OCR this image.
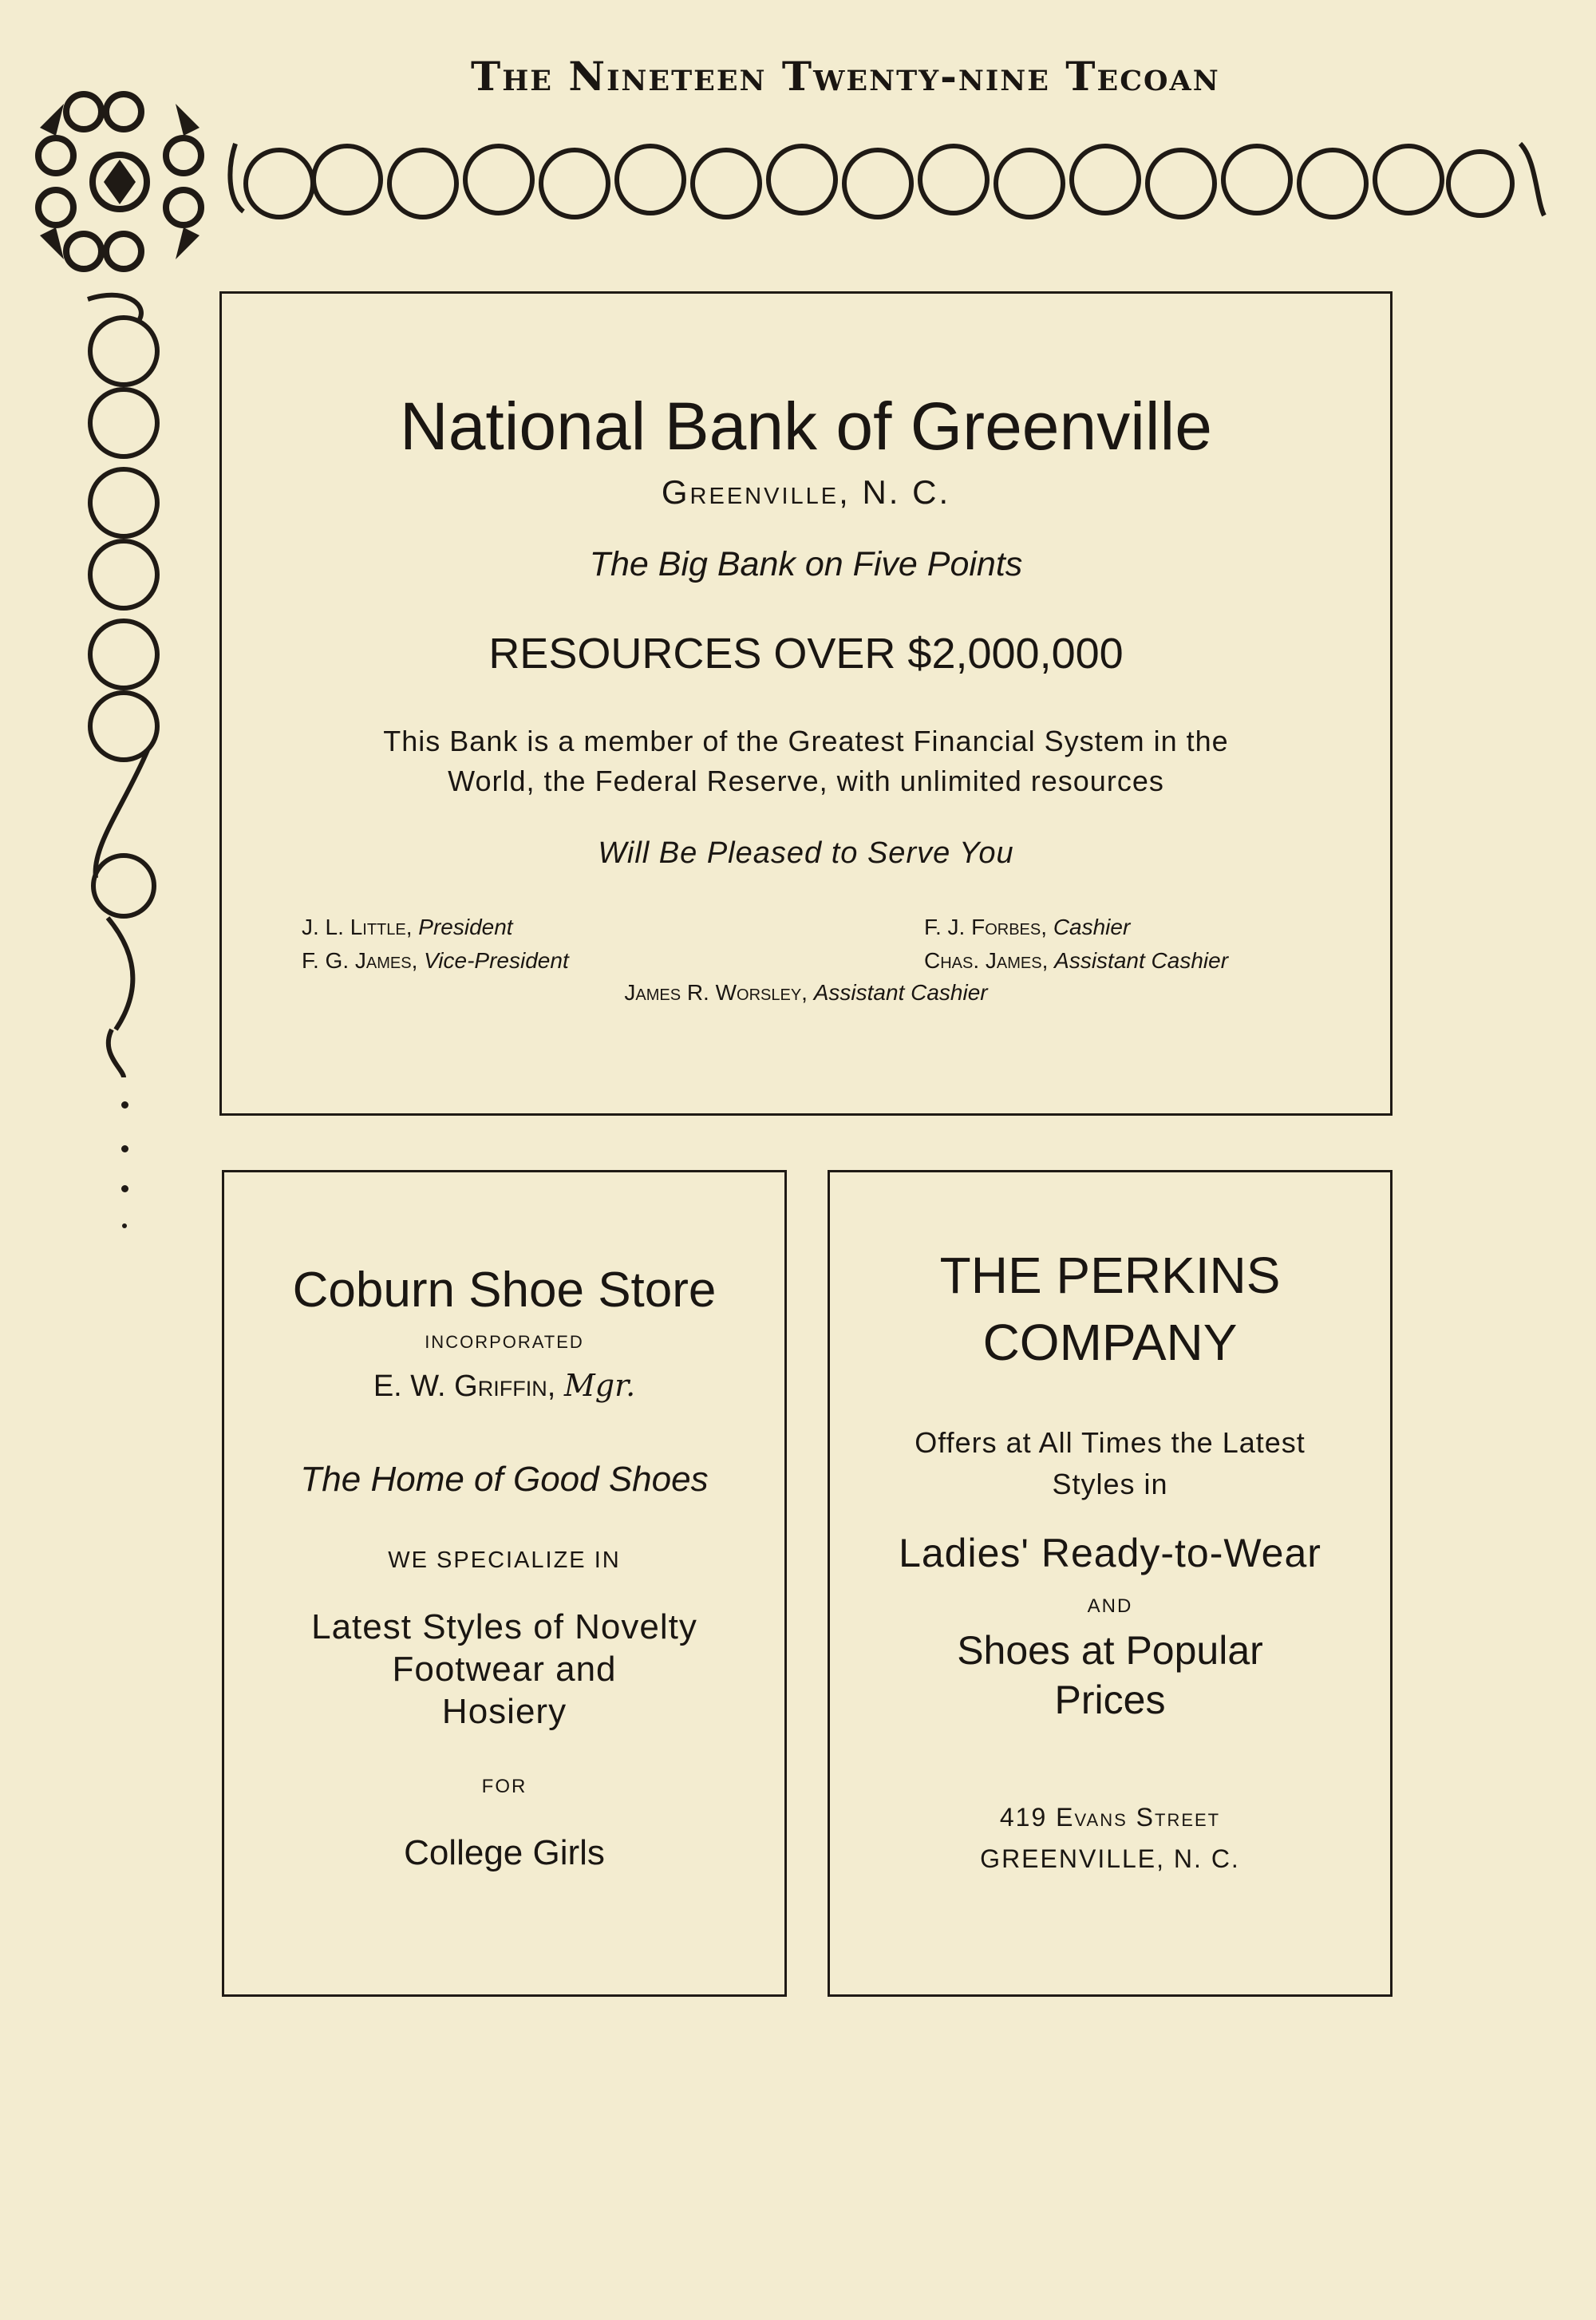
The Nineteen Twenty-nine Tecoan
National Bank of Greenville
Greenville, N. C.
The Big Bank on Five Points
RESOURCES OVER $2,000,000
This Bank is a member of the Greatest Financial System in the
World, the Federal Reserve, with unlimited resources
Will Be Pleased to Serve You
J. L. Little, President
F. G. James, Vice-President
F. J. Forbes, Cashier
Chas. James, Assistant Cashier
James R. Worsley, Assistant Cashier
Coburn Shoe Store
INCORPORATED
E. W. Griffin, Mgr.
The Home of Good Shoes
WE SPECIALIZE IN
Latest Styles of Novelty
Footwear and
Hosiery
FOR
College Girls
THE PERKINS
COMPANY
Offers at All Times the Latest
Styles in
Ladies' Ready-to-Wear
AND
Shoes at Popular
Prices
419 Evans Street
GREENVILLE, N. C.
